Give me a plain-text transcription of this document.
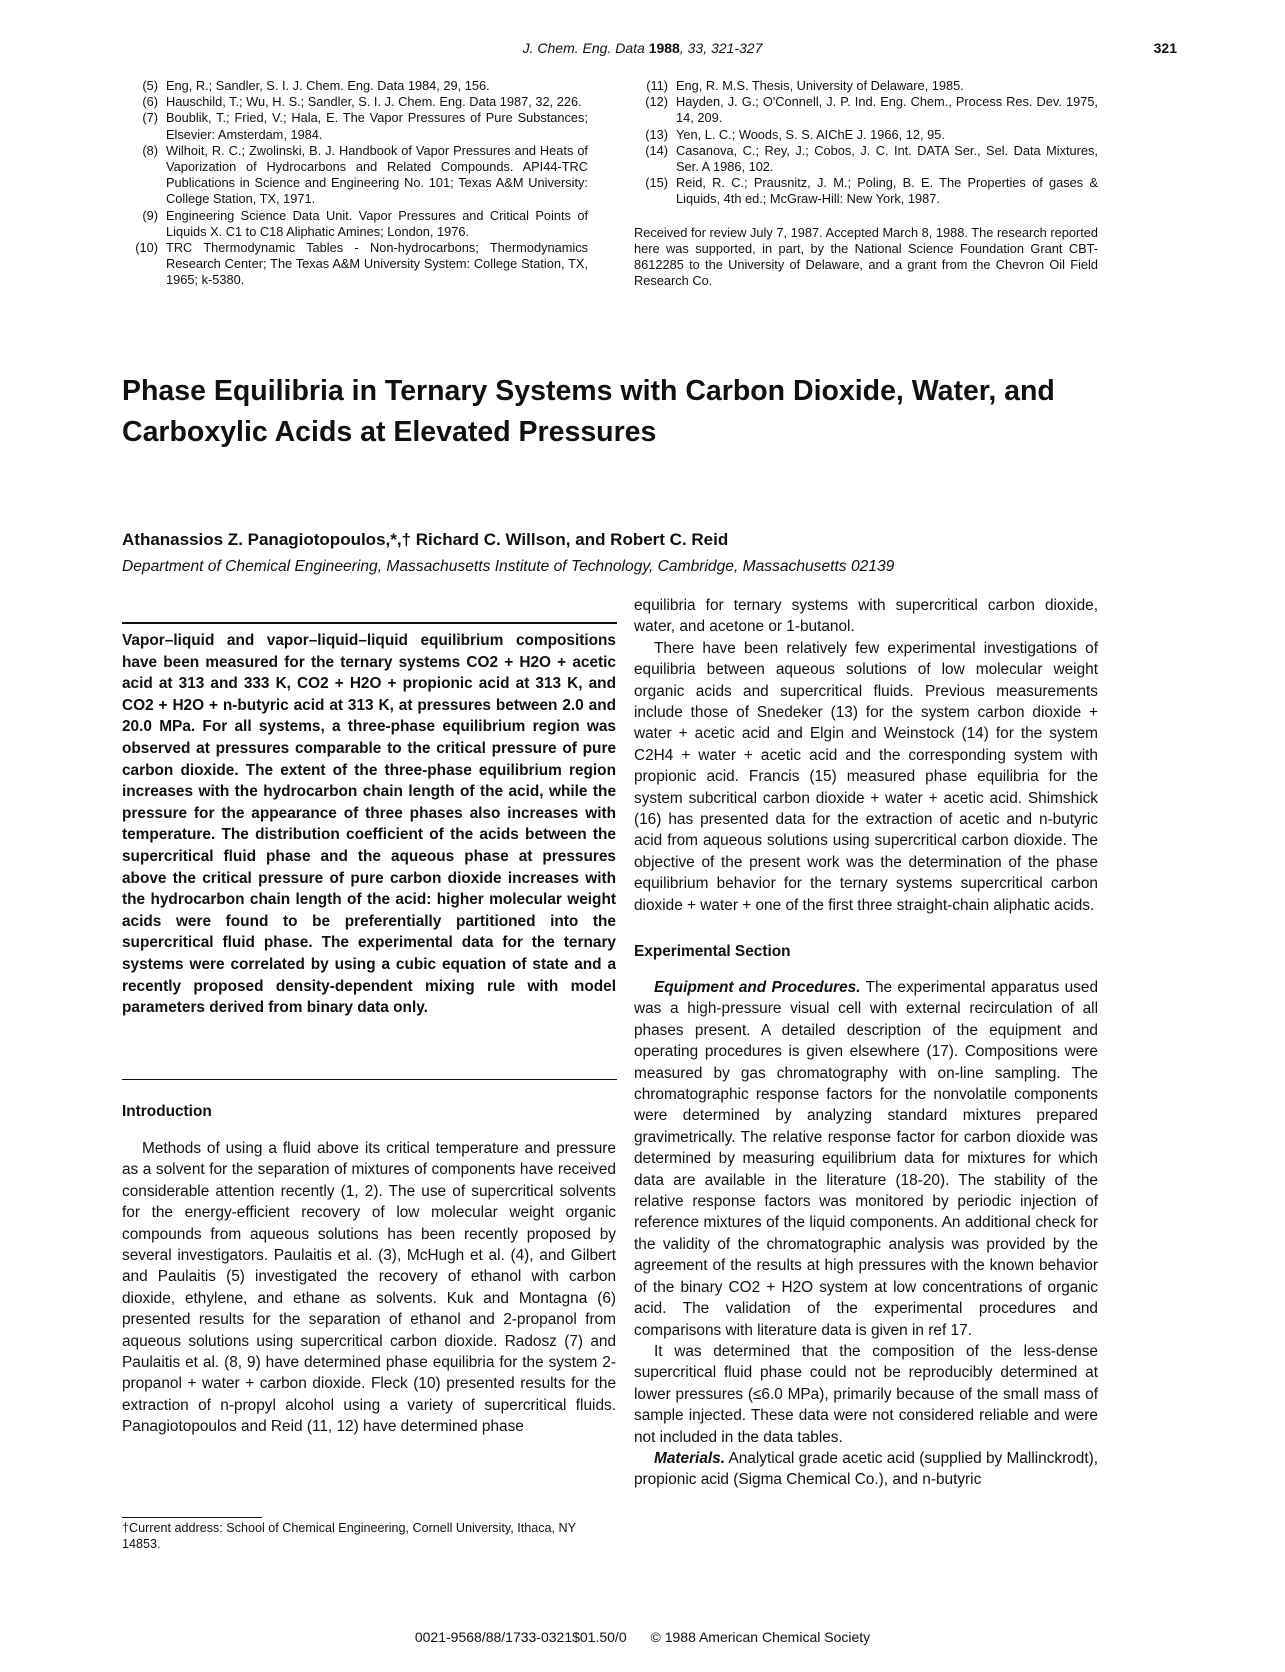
J. Chem. Eng. Data 1988, 33, 321-327	321
(5) Eng, R.; Sandler, S. I. J. Chem. Eng. Data 1984, 29, 156.
(6) Hauschild, T.; Wu, H. S.; Sandler, S. I. J. Chem. Eng. Data 1987, 32, 226.
(7) Boublik, T.; Fried, V.; Hala, E. The Vapor Pressures of Pure Substances; Elsevier: Amsterdam, 1984.
(8) Wilhoit, R. C.; Zwolinski, B. J. Handbook of Vapor Pressures and Heats of Vaporization of Hydrocarbons and Related Compounds. API44-TRC Publications in Science and Engineering No. 101; Texas A&M University: College Station, TX, 1971.
(9) Engineering Science Data Unit. Vapor Pressures and Critical Points of Liquids X. C1 to C18 Aliphatic Amines; London, 1976.
(10) TRC Thermodynamic Tables - Non-hydrocarbons; Thermodynamics Research Center; The Texas A&M University System: College Station, TX, 1965; k-5380.
(11) Eng, R. M.S. Thesis, University of Delaware, 1985.
(12) Hayden, J. G.; O'Connell, J. P. Ind. Eng. Chem., Process Res. Dev. 1975, 14, 209.
(13) Yen, L. C.; Woods, S. S. AIChE J. 1966, 12, 95.
(14) Casanova, C.; Rey, J.; Cobos, J. C. Int. DATA Ser., Sel. Data Mixtures, Ser. A 1986, 102.
(15) Reid, R. C.; Prausnitz, J. M.; Poling, B. E. The Properties of gases & Liquids, 4th ed.; McGraw-Hill: New York, 1987.
Received for review July 7, 1987. Accepted March 8, 1988. The research reported here was supported, in part, by the National Science Foundation Grant CBT-8612285 to the University of Delaware, and a grant from the Chevron Oil Field Research Co.
Phase Equilibria in Ternary Systems with Carbon Dioxide, Water, and Carboxylic Acids at Elevated Pressures
Athanassios Z. Panagiotopoulos,*,† Richard C. Willson, and Robert C. Reid
Department of Chemical Engineering, Massachusetts Institute of Technology, Cambridge, Massachusetts 02139
Vapor–liquid and vapor–liquid–liquid equilibrium compositions have been measured for the ternary systems CO2 + H2O + acetic acid at 313 and 333 K, CO2 + H2O + propionic acid at 313 K, and CO2 + H2O + n-butyric acid at 313 K, at pressures between 2.0 and 20.0 MPa. For all systems, a three-phase equilibrium region was observed at pressures comparable to the critical pressure of pure carbon dioxide. The extent of the three-phase equilibrium region increases with the hydrocarbon chain length of the acid, while the pressure for the appearance of three phases also increases with temperature. The distribution coefficient of the acids between the supercritical fluid phase and the aqueous phase at pressures above the critical pressure of pure carbon dioxide increases with the hydrocarbon chain length of the acid: higher molecular weight acids were found to be preferentially partitioned into the supercritical fluid phase. The experimental data for the ternary systems were correlated by using a cubic equation of state and a recently proposed density-dependent mixing rule with model parameters derived from binary data only.
Introduction

Methods of using a fluid above its critical temperature and pressure as a solvent for the separation of mixtures of components have received considerable attention recently (1, 2). The use of supercritical solvents for the energy-efficient recovery of low molecular weight organic compounds from aqueous solutions has been recently proposed by several investigators. Paulaitis et al. (3), McHugh et al. (4), and Gilbert and Paulaitis (5) investigated the recovery of ethanol with carbon dioxide, ethylene, and ethane as solvents. Kuk and Montagna (6) presented results for the separation of ethanol and 2-propanol from aqueous solutions using supercritical carbon dioxide. Radosz (7) and Paulaitis et al. (8, 9) have determined phase equilibria for the system 2-propanol + water + carbon dioxide. Fleck (10) presented results for the extraction of n-propyl alcohol using a variety of supercritical fluids. Panagiotopoulos and Reid (11, 12) have determined phase

equilibria for ternary systems with supercritical carbon dioxide, water, and acetone or 1-butanol.

There have been relatively few experimental investigations of equilibria between aqueous solutions of low molecular weight organic acids and supercritical fluids. Previous measurements include those of Snedeker (13) for the system carbon dioxide + water + acetic acid and Elgin and Weinstock (14) for the system C2H4 + water + acetic acid and the corresponding system with propionic acid. Francis (15) measured phase equilibria for the system subcritical carbon dioxide + water + acetic acid. Shimshick (16) has presented data for the extraction of acetic and n-butyric acid from aqueous solutions using supercritical carbon dioxide. The objective of the present work was the determination of the phase equilibrium behavior for the ternary systems supercritical carbon dioxide + water + one of the first three straight-chain aliphatic acids.

Experimental Section

Equipment and Procedures. The experimental apparatus used was a high-pressure visual cell with external recirculation of all phases present. A detailed description of the equipment and operating procedures is given elsewhere (17). Compositions were measured by gas chromatography with on-line sampling. The chromatographic response factors for the nonvolatile components were determined by analyzing standard mixtures prepared gravimetrically. The relative response factor for carbon dioxide was determined by measuring equilibrium data for mixtures for which data are available in the literature (18-20). The stability of the relative response factors was monitored by periodic injection of reference mixtures of the liquid components. An additional check for the validity of the chromatographic analysis was provided by the agreement of the results at high pressures with the known behavior of the binary CO2 + H2O system at low concentrations of organic acid. The validation of the experimental procedures and comparisons with literature data is given in ref 17.

It was determined that the composition of the less-dense supercritical fluid phase could not be reproducibly determined at lower pressures (≤6.0 MPa), primarily because of the small mass of sample injected. These data were not considered reliable and were not included in the data tables.

Materials. Analytical grade acetic acid (supplied by Mallinckrodt), propionic acid (Sigma Chemical Co.), and n-butyric

†Current address: School of Chemical Engineering, Cornell University, Ithaca, NY 14853.
0021-9568/88/1733-0321$01.50/0 © 1988 American Chemical Society
